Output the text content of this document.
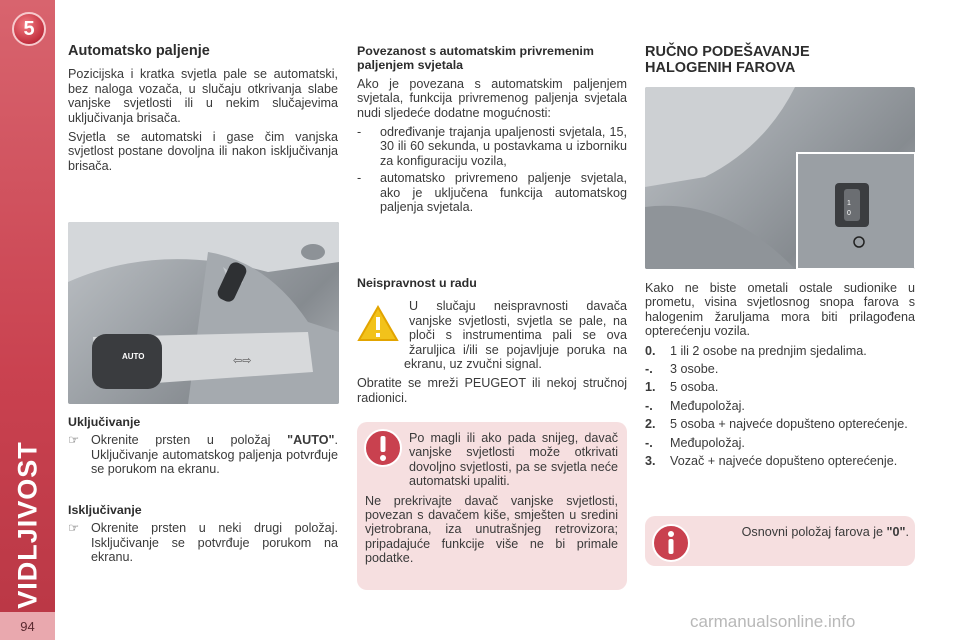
5
VIDLJIVOST
94
Automatsko paljenje

Pozicijska i kratka svjetla pale se automatski, bez naloga vozača, u slučaju otkrivanja slabe vanjske svjetlosti ili u nekim slučajevima uključivanja brisača.

Svjetla se automatski i gase čim vanjska svjetlost postane dovoljna ili nakon isključivanja brisača.

AUTO	⇦⇨
Uključivanje
☞ Okrenite prsten u položaj "AUTO". Uključivanje automatskog paljenja potvrđuje se porukom na ekranu.
Isključivanje
☞ Okrenite prsten u neki drugi položaj. Isključivanje se potvrđuje porukom na ekranu.
Povezanost s automatskim privremenim paljenjem svjetala

Ako je povezana s automatskim paljenjem svjetala, funkcija privremenog paljenja svjetala nudi sljedeće dodatne mogućnosti:

-	određivanje trajanja upaljenosti svjetala, 15, 30 ili 60 sekunda, u postavkama u izborniku za konfiguraciju vozila,
-	automatsko privremeno paljenje svjetala, ako je uključena funkcija automatskog paljenja svjetala.
Neispravnost u radu

U slučaju neispravnosti davača vanjske svjetlosti, svjetla se pale, na ploči s instrumentima pali se ova žaruljica i/ili se pojavljuje poruka na ekranu, uz zvučni signal.

Obratite se mreži PEUGEOT ili nekoj stručnoj radionici.

Po magli ili ako pada snijeg, davač vanjske svjetlosti može otkrivati dovoljno svjetlosti, pa se svjetla neće automatski upaliti.

Ne prekrivajte davač vanjske svjetlosti, povezan s davačem kiše, smješten u sredini vjetrobrana, iza unutrašnjeg retrovizora; pripadajuće funkcije više ne bi primale podatke.

RUČNO PODEŠAVANJE
HALOGENIH FAROVA
1
0

Kako ne biste ometali ostale sudionike u prometu, visina svjetlosnog snopa farova s halogenim žaruljama mora biti prilagođena opterećenju vozila.

0.	1 ili 2 osobe na prednjim sjedalima.
-.	3 osobe.
1.	5 osoba.
-.	Međupoložaj.
2.	5 osoba + najveće dopušteno opterećenje.
-.	Međupoložaj.
3.	Vozač + najveće dopušteno opterećenje.
Osnovni položaj farova je "0".
carmanualsonline.info
